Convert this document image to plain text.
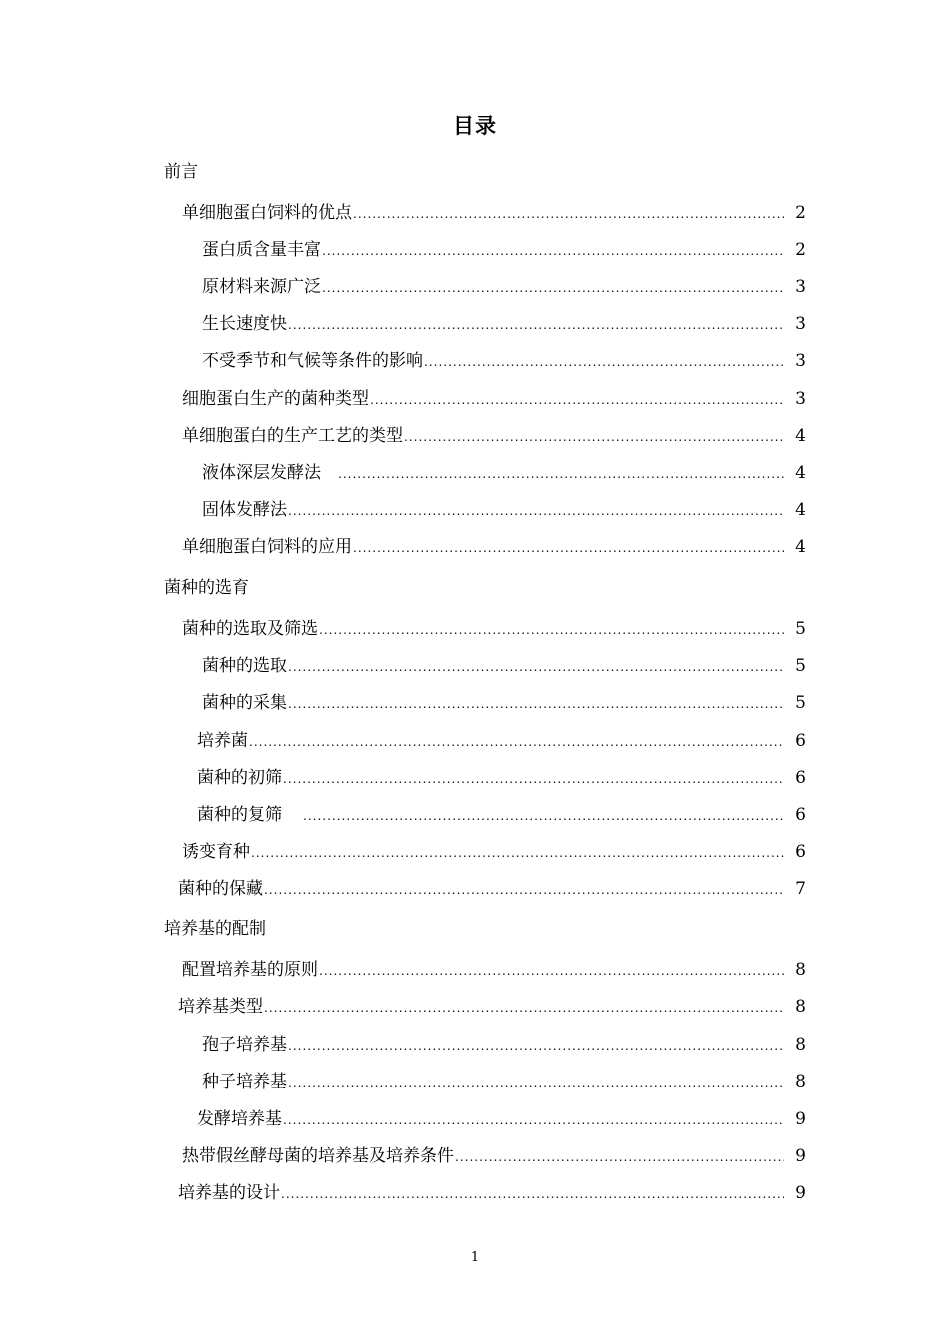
目录
前言
单细胞蛋白饲料的优点 .....	2
蛋白质含量丰富 .....	2
原材料来源广泛 .....	3
生长速度快 .....	3
不受季节和气候等条件的影响 .....	3
细胞蛋白生产的菌种类型 .....	3
单细胞蛋白的生产工艺的类型 .....	4
液体深层发酵法 .....	4
固体发酵法 .....	4
单细胞蛋白饲料的应用 .....	4
菌种的选育
菌种的选取及筛选 .....	5
菌种的选取 .....	5
菌种的采集 .....	5
培养菌 .....	6
菌种的初筛 .....	6
菌种的复筛 .....	6
诱变育种 .....	6
菌种的保藏 .....	7
培养基的配制
配置培养基的原则 .....	8
培养基类型 .....	8
孢子培养基 .....	8
种子培养基 .....	8
发酵培养基 .....	9
热带假丝酵母菌的培养基及培养条件 .....	9
培养基的设计 .....	9
1
